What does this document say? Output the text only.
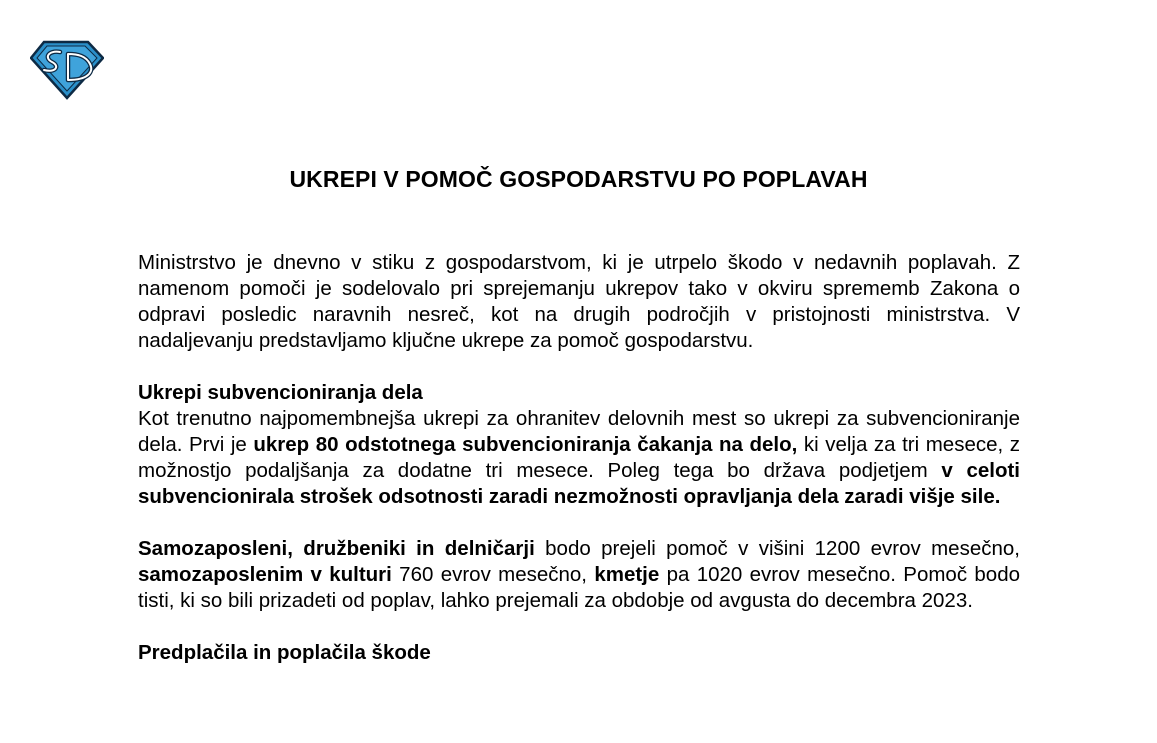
UKREPI V POMOČ GOSPODARSTVU PO POPLAVAH

Ministrstvo je dnevno v stiku z gospodarstvom, ki je utrpelo škodo v nedavnih poplavah. Z namenom pomoči je sodelovalo pri sprejemanju ukrepov tako v okviru sprememb Zakona o odpravi posledic naravnih nesreč, kot na drugih področjih v pristojnosti ministrstva. V nadaljevanju predstavljamo ključne ukrepe za pomoč gospodarstvu.

Ukrepi subvencioniranja dela

Kot trenutno najpomembnejša ukrepi za ohranitev delovnih mest so ukrepi za subvencioniranje dela. Prvi je ukrep 80 odstotnega subvencioniranja čakanja na delo, ki velja za tri mesece, z možnostjo podaljšanja za dodatne tri mesece. Poleg tega bo država podjetjem v celoti subvencionirala strošek odsotnosti zaradi nezmožnosti opravljanja dela zaradi višje sile.

Samozaposleni, družbeniki in delničarji bodo prejeli pomoč v višini 1200 evrov mesečno, samozaposlenim v kulturi 760 evrov mesečno, kmetje pa 1020 evrov mesečno. Pomoč bodo tisti, ki so bili prizadeti od poplav, lahko prejemali za obdobje od avgusta do decembra 2023.

Predplačila in poplačila škode
